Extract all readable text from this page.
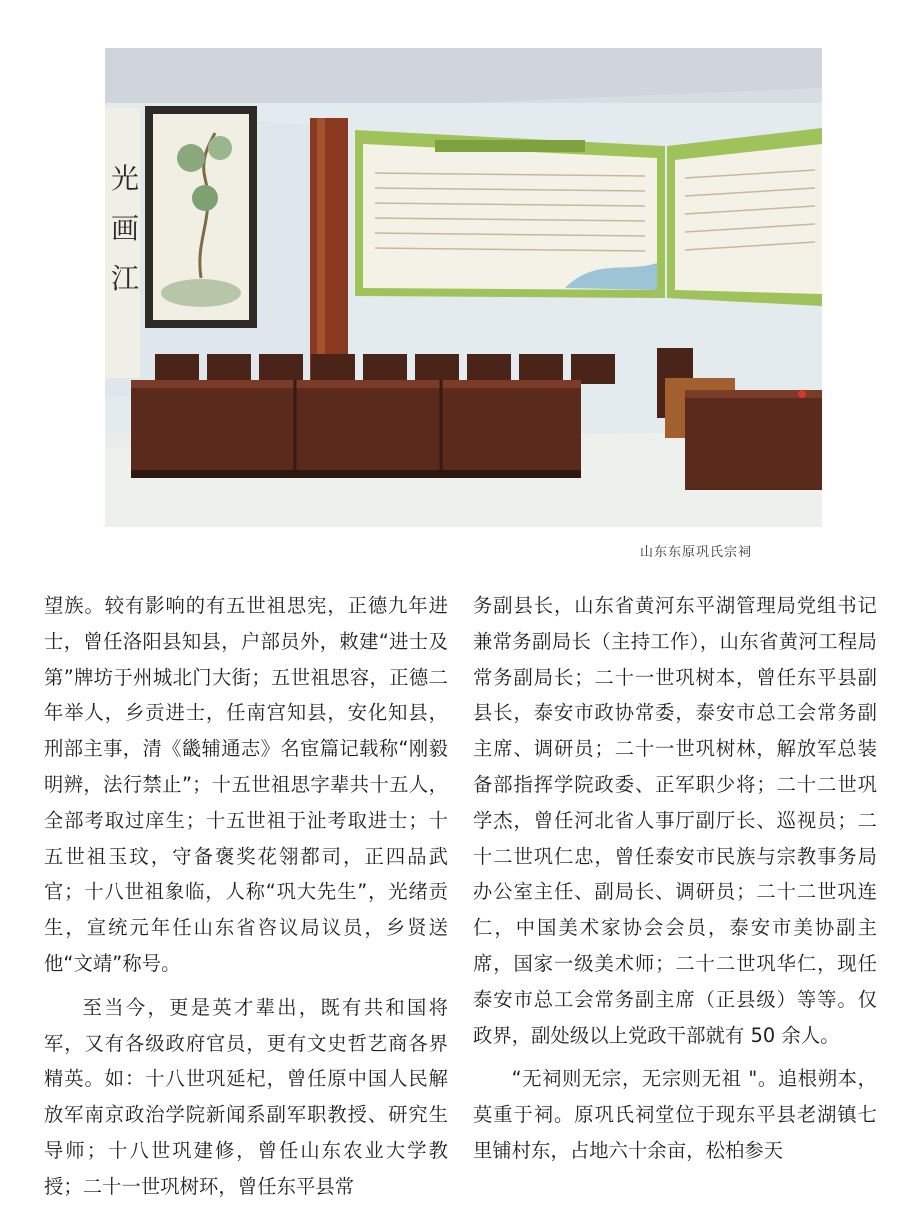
光
画
江
山东东原巩氏宗祠

望族。较有影响的有五世祖思宪，正德九年进士，曾任洛阳县知县，户部员外，敕建“进士及第”牌坊于州城北门大街；五世祖思容，正德二年举人，乡贡进士，任南宫知县，安化知县，刑部主事，清《畿辅通志》名宦篇记载称“刚毅明辨，法行禁止”；十五世祖思字辈共十五人，全部考取过庠生；十五世祖于沚考取进士；十五世祖玉玟，守备褒奖花翎都司，正四品武官；十八世祖象临，人称“巩大先生”，光绪贡生，宣统元年任山东省咨议局议员，乡贤送他“文靖”称号。

至当今，更是英才辈出，既有共和国将军，又有各级政府官员，更有文史哲艺商各界精英。如：十八世巩延杞，曾任原中国人民解放军南京政治学院新闻系副军职教授、研究生导师；十八世巩建修，曾任山东农业大学教授；二十一世巩树环，曾任东平县常

务副县长，山东省黄河东平湖管理局党组书记兼常务副局长（主持工作），山东省黄河工程局常务副局长；二十一世巩树本，曾任东平县副县长，泰安市政协常委，泰安市总工会常务副主席、调研员；二十一世巩树林，解放军总装备部指挥学院政委、正军职少将；二十二世巩学杰，曾任河北省人事厅副厅长、巡视员；二十二世巩仁忠，曾任泰安市民族与宗教事务局办公室主任、副局长、调研员；二十二世巩连仁，中国美术家协会会员，泰安市美协副主席，国家一级美术师；二十二世巩华仁，现任泰安市总工会常务副主席（正县级）等等。仅政界，副处级以上党政干部就有 50 余人。

“无祠则无宗，无宗则无祖 "。追根朔本，莫重于祠。原巩氏祠堂位于现东平县老湖镇七里铺村东，占地六十余亩，松柏参天
